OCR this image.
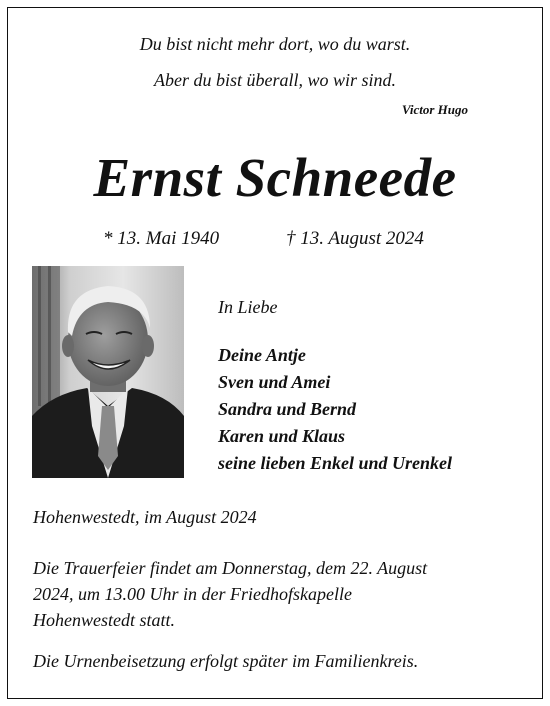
Du bist nicht mehr dort, wo du warst.
Aber du bist überall, wo wir sind.
Victor Hugo
Ernst Schneede
* 13. Mai 1940	† 13. August 2024
In Liebe
Deine Antje
Sven und Amei
Sandra und Bernd
Karen und Klaus
seine lieben Enkel und Urenkel
Hohenwestedt, im August 2024
Die Trauerfeier findet am Donnerstag, dem 22. August
2024, um 13.00 Uhr in der Friedhofskapelle
Hohenwestedt statt.
Die Urnenbeisetzung erfolgt später im Familienkreis.
